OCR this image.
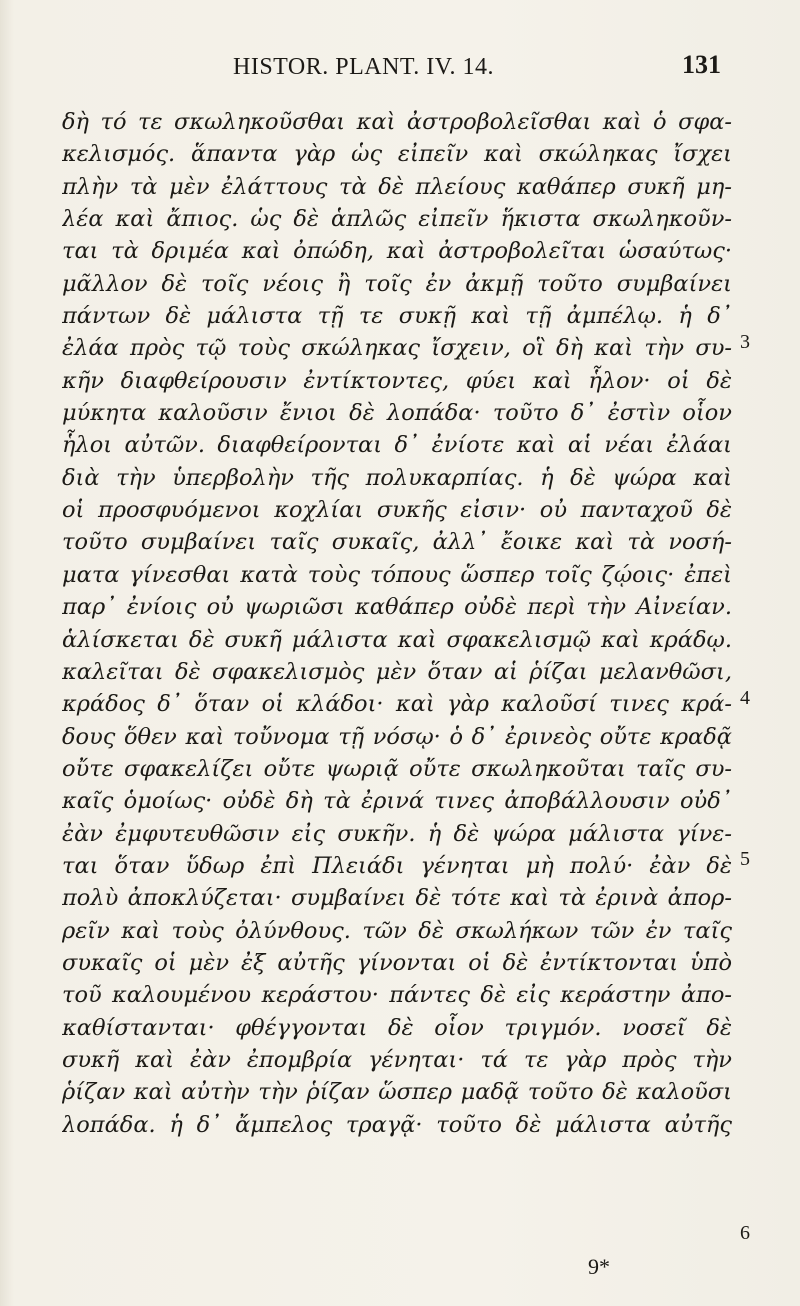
HISTOR. PLANT. IV. 14.	131
δὴ τό τε σκωληκοῦσθαι καὶ ἀστροβολεῖσθαι καὶ ὁ σφα-
κελισμός. ἅπαντα γὰρ ὡς εἰπεῖν καὶ σκώληκας ἴσχει
πλὴν τὰ μὲν ἐλάττους τὰ δὲ πλείους καθάπερ συκῆ μη-
λέα καὶ ἄπιος. ὡς δὲ ἁπλῶς εἰπεῖν ἥκιστα σκωληκοῦν-
ται τὰ δριμέα καὶ ὀπώδη, καὶ ἀστροβολεῖται ὡσαύτως·
μᾶλλον δὲ τοῖς νέοις ἢ τοῖς ἐν ἀκμῇ τοῦτο συμβαίνει
πάντων δὲ μάλιστα τῇ τε συκῇ καὶ τῇ ἀμπέλῳ. ἡ δ᾽
ἐλάα πρὸς τῷ τοὺς σκώληκας ἴσχειν, οἳ δὴ καὶ τὴν συ-
κῆν διαφθείρουσιν ἐντίκτοντες, φύει καὶ ἧλον· οἱ δὲ
μύκητα καλοῦσιν ἔνιοι δὲ λοπάδα· τοῦτο δ᾽ ἐστὶν οἷον
ἧλοι αὐτῶν. διαφθείρονται δ᾽ ἐνίοτε καὶ αἱ νέαι ἐλάαι
διὰ τὴν ὑπερβολὴν τῆς πολυκαρπίας. ἡ δὲ ψώρα καὶ
οἱ προσφυόμενοι κοχλίαι συκῆς εἰσιν· οὐ πανταχοῦ δὲ
τοῦτο συμβαίνει ταῖς συκαῖς, ἀλλ᾽ ἔοικε καὶ τὰ νοσή-
ματα γίνεσθαι κατὰ τοὺς τόπους ὥσπερ τοῖς ζῴοις· ἐπεὶ
παρ᾽ ἐνίοις οὐ ψωριῶσι καθάπερ οὐδὲ περὶ τὴν Αἰνείαν.
ἁλίσκεται δὲ συκῆ μάλιστα καὶ σφακελισμῷ καὶ κράδῳ.
καλεῖται δὲ σφακελισμὸς μὲν ὅταν αἱ ῥίζαι μελανθῶσι,
κράδος δ᾽ ὅταν οἱ κλάδοι· καὶ γὰρ καλοῦσί τινες κρά-
δους ὅθεν καὶ τοὔνομα τῇ νόσῳ· ὁ δ᾽ ἐρινεὸς οὔτε κραδᾷ
οὔτε σφακελίζει οὔτε ψωριᾷ οὔτε σκωληκοῦται ταῖς συ-
καῖς ὁμοίως· οὐδὲ δὴ τὰ ἐρινά τινες ἀποβάλλουσιν οὐδ᾽
ἐὰν ἐμφυτευθῶσιν εἰς συκῆν. ἡ δὲ ψώρα μάλιστα γίνε-
ται ὅταν ὕδωρ ἐπὶ Πλειάδι γένηται μὴ πολύ· ἐὰν δὲ
πολὺ ἀποκλύζεται· συμβαίνει δὲ τότε καὶ τὰ ἐρινὰ ἀπορ-
ρεῖν καὶ τοὺς ὀλύνθους. τῶν δὲ σκωλήκων τῶν ἐν ταῖς
συκαῖς οἱ μὲν ἐξ αὐτῆς γίνονται οἱ δὲ ἐντίκτονται ὑπὸ
τοῦ καλουμένου κεράστου· πάντες δὲ εἰς κεράστην ἀπο-
καθίστανται· φθέγγονται δὲ οἷον τριγμόν. νοσεῖ δὲ
συκῆ καὶ ἐὰν ἐπομβρία γένηται· τά τε γὰρ πρὸς τὴν
ῥίζαν καὶ αὐτὴν τὴν ῥίζαν ὥσπερ μαδᾷ τοῦτο δὲ καλοῦσι
λοπάδα. ἡ δ᾽ ἄμπελος τραγᾷ· τοῦτο δὲ μάλιστα αὐτῆς
3
4
5
6
9*
